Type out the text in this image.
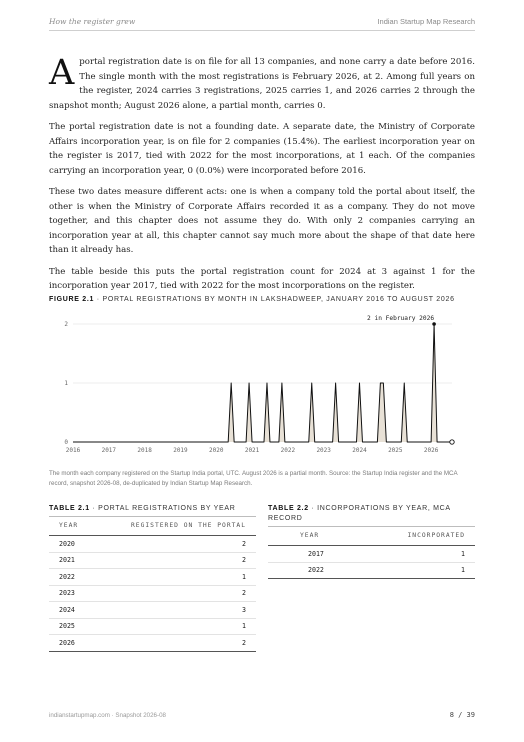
How the register grew	Indian Startup Map Research

A portal registration date is on file for all 13 companies, and none carry a date before 2016. The single month with the most registrations is February 2026, at 2. Among full years on the register, 2024 carries 3 registrations, 2025 carries 1, and 2026 carries 2 through the snapshot month; August 2026 alone, a partial month, carries 0.

The portal registration date is not a founding date. A separate date, the Ministry of Corporate Affairs incorporation year, is on file for 2 companies (15.4%). The earliest incorporation year on the register is 2017, tied with 2022 for the most incorporations, at 1 each. Of the companies carrying an incorporation year, 0 (0.0%) were incorporated before 2016.

These two dates measure different acts: one is when a company told the portal about itself, the other is when the Ministry of Corporate Affairs recorded it as a company. They do not move together, and this chapter does not assume they do. With only 2 companies carrying an incorporation year at all, this chapter cannot say much more about the shape of that date here than it already has.

The table beside this puts the portal registration count for 2024 at 3 against 1 for the incorporation year 2017, tied with 2022 for the most incorporations on the register.

FIGURE 2.1 · PORTAL REGISTRATIONS BY MONTH IN LAKSHADWEEP, JANUARY 2016 TO AUGUST 2026
0
1
2
2016	2017	2018	2019	2020	2021	2022	2023	2024	2025	2026
2 in February 2026
The month each company registered on the Startup India portal, UTC. August 2026 is a partial month. Source: the Startup India register and the MCA record, snapshot 2026-08, de-duplicated by Indian Startup Map Research.
TABLE 2.1 · PORTAL REGISTRATIONS BY YEAR
YEAR	REGISTERED ON THE PORTAL
2020	2
2021	2
2022	1
2023	2
2024	3
2025	1
2026	2
TABLE 2.2 · INCORPORATIONS BY YEAR, MCA RECORD
YEAR	INCORPORATED
2017	1
2022	1
indianstartupmap.com · Snapshot 2026-08	8 / 39
